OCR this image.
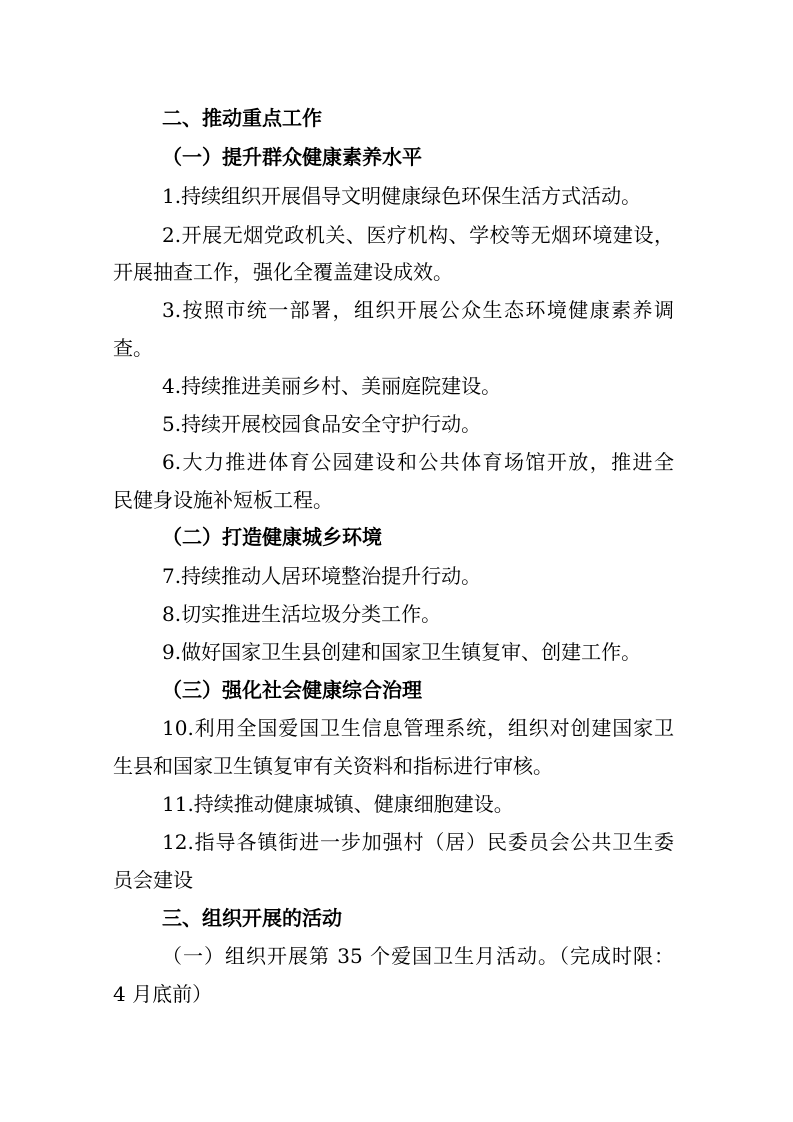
二、推动重点工作
（一）提升群众健康素养水平
1.持续组织开展倡导文明健康绿色环保生活方式活动。
2.开展无烟党政机关、医疗机构、学校等无烟环境建设，
开展抽查工作，强化全覆盖建设成效。
3.按照市统一部署，组织开展公众生态环境健康素养调
查。
4.持续推进美丽乡村、美丽庭院建设。
5.持续开展校园食品安全守护行动。
6.大力推进体育公园建设和公共体育场馆开放，推进全
民健身设施补短板工程。
（二）打造健康城乡环境
7.持续推动人居环境整治提升行动。
8.切实推进生活垃圾分类工作。
9.做好国家卫生县创建和国家卫生镇复审、创建工作。
（三）强化社会健康综合治理
10.利用全国爱国卫生信息管理系统，组织对创建国家卫
生县和国家卫生镇复审有关资料和指标进行审核。
11.持续推动健康城镇、健康细胞建设。
12.指导各镇街进一步加强村（居）民委员会公共卫生委
员会建设
三、组织开展的活动
（一）组织开展第 35 个爱国卫生月活动。（完成时限：
4 月底前）
